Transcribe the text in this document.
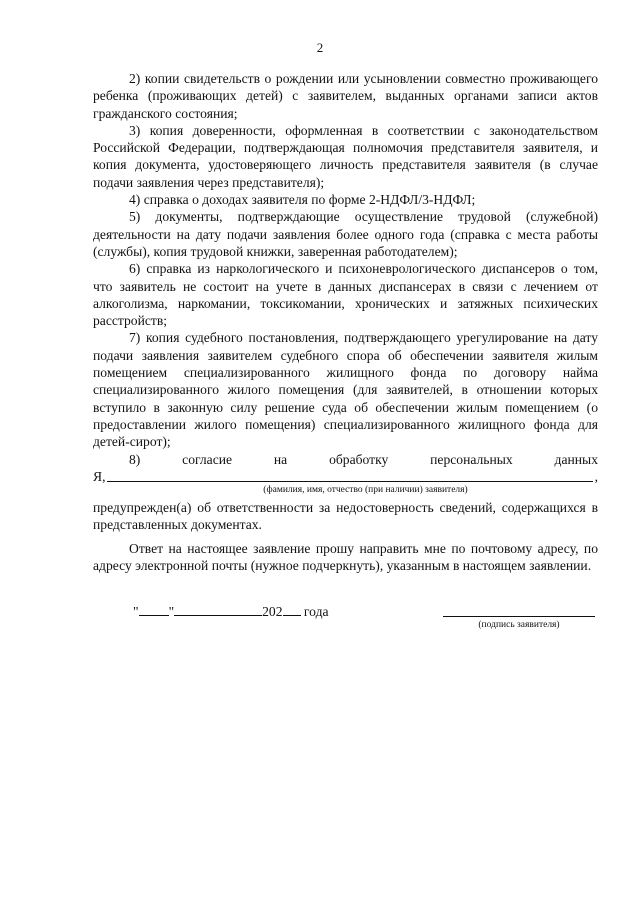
2

2) копии свидетельств о рождении или усыновлении совместно проживающего ребенка (проживающих детей) с заявителем, выданных органами записи актов гражданского состояния;

3) копия доверенности, оформленная в соответствии с законодательством Российской Федерации, подтверждающая полномочия представителя заявителя, и копия документа, удостоверяющего личность представителя заявителя (в случае подачи заявления через представителя);

4) справка о доходах заявителя по форме 2-НДФЛ/3-НДФЛ;

5) документы, подтверждающие осуществление трудовой (служебной) деятельности на дату подачи заявления более одного года (справка с места работы (службы), копия трудовой книжки, заверенная работодателем);

6) справка из наркологического и психоневрологического диспансеров о том, что заявитель не состоит на учете в данных диспансерах в связи с лечением от алкоголизма, наркомании, токсикомании, хронических и затяжных психических расстройств;

7) копия судебного постановления, подтверждающего урегулирование на дату подачи заявления заявителем судебного спора об обеспечении заявителя жилым помещением специализированного жилищного фонда по договору найма специализированного жилого помещения (для заявителей, в отношении которых вступило в законную силу решение суда об обеспечении жилым помещением (о предоставлении жилого помещения) специализированного жилищного фонда для детей-сирот);

8) согласие на обработку персональных данных

Я,	,
(фамилия, имя, отчество (при наличии) заявителя)

предупрежден(а) об ответственности за недостоверность сведений, содержащихся в представленных документах.

Ответ на настоящее заявление прошу направить мне по почтовому адресу, по адресу электронной почты (нужное подчеркнуть), указанным в настоящем заявлении.

" "	202 года
(подпись заявителя)
